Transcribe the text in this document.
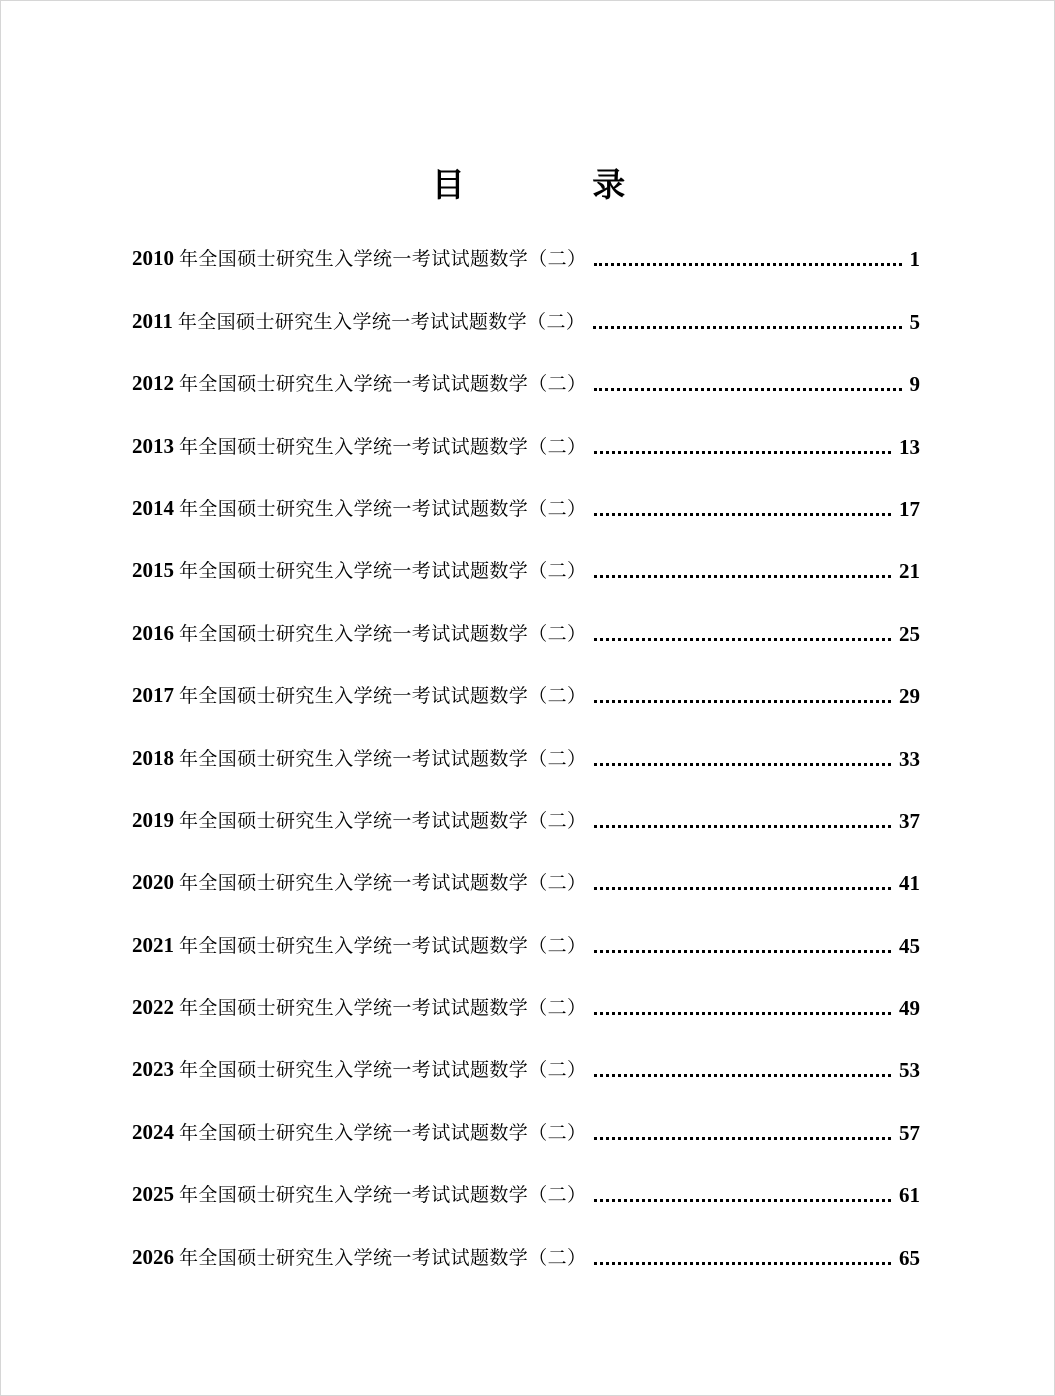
目 录
2010 年全国硕士研究生入学统一考试试题数学（二）	1
2011 年全国硕士研究生入学统一考试试题数学（二）	5
2012 年全国硕士研究生入学统一考试试题数学（二）	9
2013 年全国硕士研究生入学统一考试试题数学（二）	13
2014 年全国硕士研究生入学统一考试试题数学（二）	17
2015 年全国硕士研究生入学统一考试试题数学（二）	21
2016 年全国硕士研究生入学统一考试试题数学（二）	25
2017 年全国硕士研究生入学统一考试试题数学（二）	29
2018 年全国硕士研究生入学统一考试试题数学（二）	33
2019 年全国硕士研究生入学统一考试试题数学（二）	37
2020 年全国硕士研究生入学统一考试试题数学（二）	41
2021 年全国硕士研究生入学统一考试试题数学（二）	45
2022 年全国硕士研究生入学统一考试试题数学（二）	49
2023 年全国硕士研究生入学统一考试试题数学（二）	53
2024 年全国硕士研究生入学统一考试试题数学（二）	57
2025 年全国硕士研究生入学统一考试试题数学（二）	61
2026 年全国硕士研究生入学统一考试试题数学（二）	65
